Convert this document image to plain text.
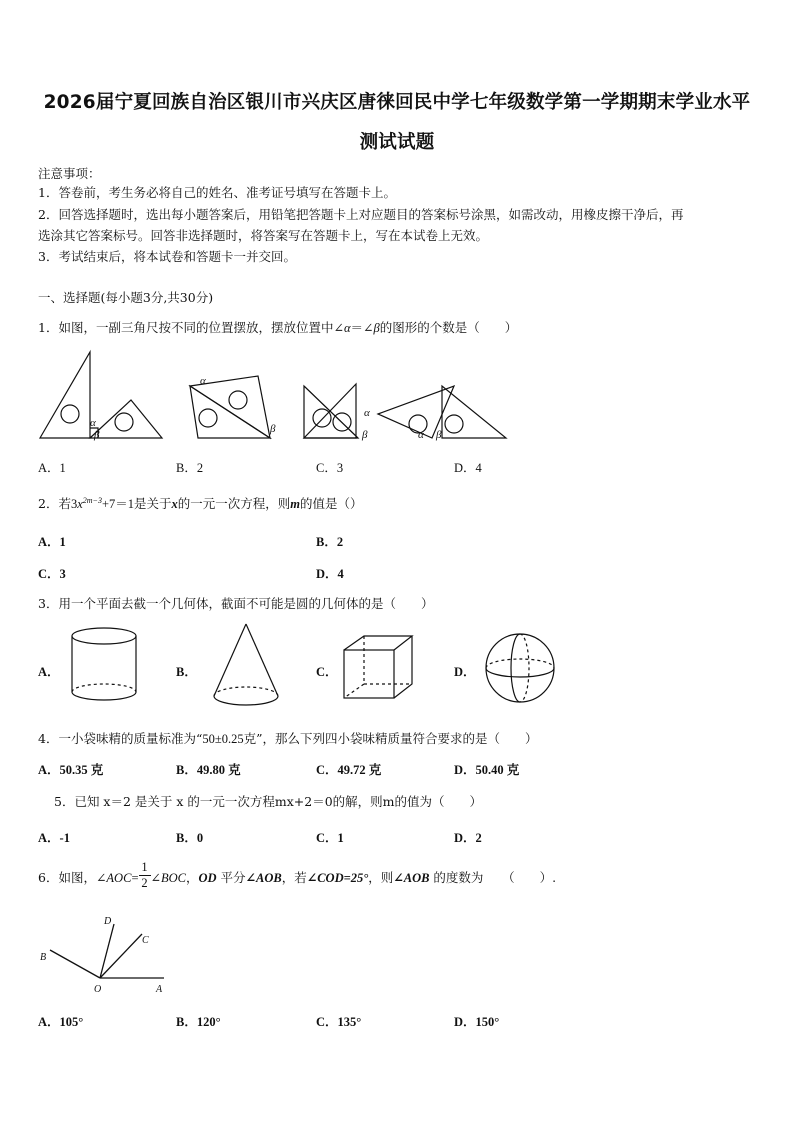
2026届宁夏回族自治区银川市兴庆区唐徕回民中学七年级数学第一学期期末学业水平
测试试题
注意事项：
1．答卷前，考生务必将自己的姓名、准考证号填写在答题卡上。
2．回答选择题时，选出每小题答案后，用铅笔把答题卡上对应题目的答案标号涂黑，如需改动，用橡皮擦干净后，再
选涂其它答案标号。回答非选择题时，将答案写在答题卡上，写在本试卷上无效。
3．考试结束后，将本试卷和答题卡一并交回。
一、选择题(每小题3分,共30分)
1．如图，一副三角尺按不同的位置摆放，摆放位置中∠α＝∠β的图形的个数是（　　）
α
β
α
β
α
β	α β
A．1	B．2	C．3	D．4
2．若$3x^{2m-3}+7=1$是关于x的一元一次方程，则m的值是（）
A．1	B．2
C．3	D．4
3．用一个平面去截一个几何体，截面不可能是圆的几何体的是（　　）
A．	B．	C．	D．
4．一小袋味精的质量标准为“50±0.25克”，那么下列四小袋味精质量符合要求的是（　　）
A．50.35 克	B．49.80 克	C．49.72 克	D．50.40 克
5．已知 x＝2 是关于 x 的一元一次方程mx+2＝0的解，则m的值为（　　）
A．-1	B．0	C．1	D．2
6．如图，∠AOC= $\frac{1}{2}$ ∠BOC，OD 平分∠AOB，若∠COD=25°，则∠AOB 的度数为　　（　　）.
D
C
B
O	A
A．105°	B．120°	C．135°	D．150°
